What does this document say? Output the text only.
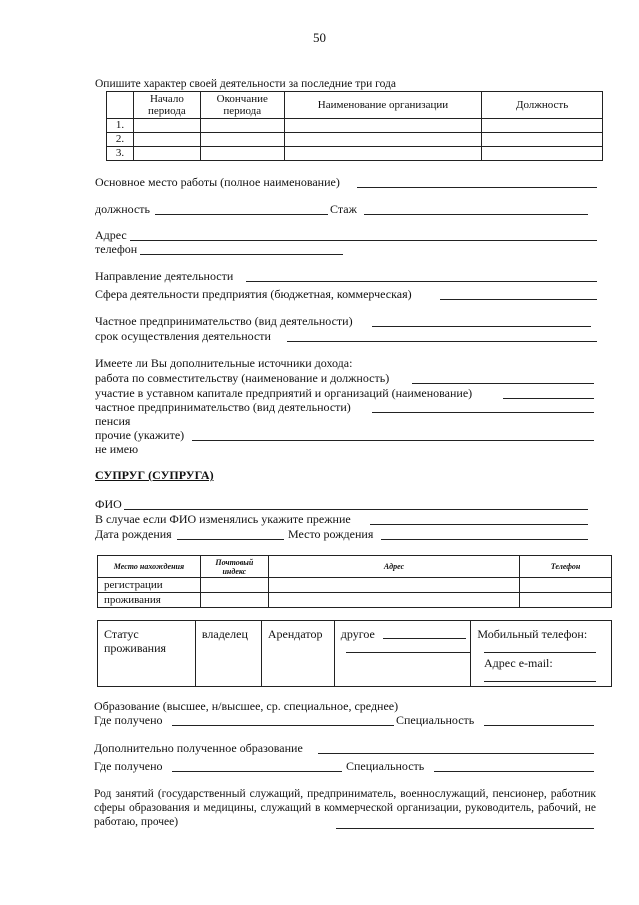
50
Опишите характер своей деятельности за последние три года
	Начало периода	Окончание периода	Наименование организации	Должность
1.				
2.				
3.				
Основное место работы (полное наименование)
должность	Стаж
Адрес
телефон
Направление деятельности
Сфера деятельности предприятия (бюджетная, коммерческая)
Частное предпринимательство (вид деятельности)
срок осуществления деятельности
Имеете ли Вы дополнительные источники дохода:
работа по совместительству (наименование и должность)
участие в уставном капитале предприятий и организаций (наименование)
частное предпринимательство (вид деятельности)
пенсия
прочие (укажите)
не имею
СУПРУГ (СУПРУГА)
ФИО
В случае если ФИО изменялись укажите прежние
Дата рождения	Место рождения
Место нахождения	Почтовый индекс	Адрес	Телефон
регистрации			
проживания			
Статус проживания	владелец	Арендатор	другое	Мобильный телефон:
Адрес e-mail:
Образование (высшее, н/высшее, ср. специальное, среднее)
Где получено	Специальность
Дополнительно полученное образование
Где получено	Специальность
Род занятий (государственный служащий, предприниматель, военнослужащий, пенсионер, работник сферы образования и медицины, служащий в коммерческой организации, руководитель, рабочий, не работаю, прочее)
